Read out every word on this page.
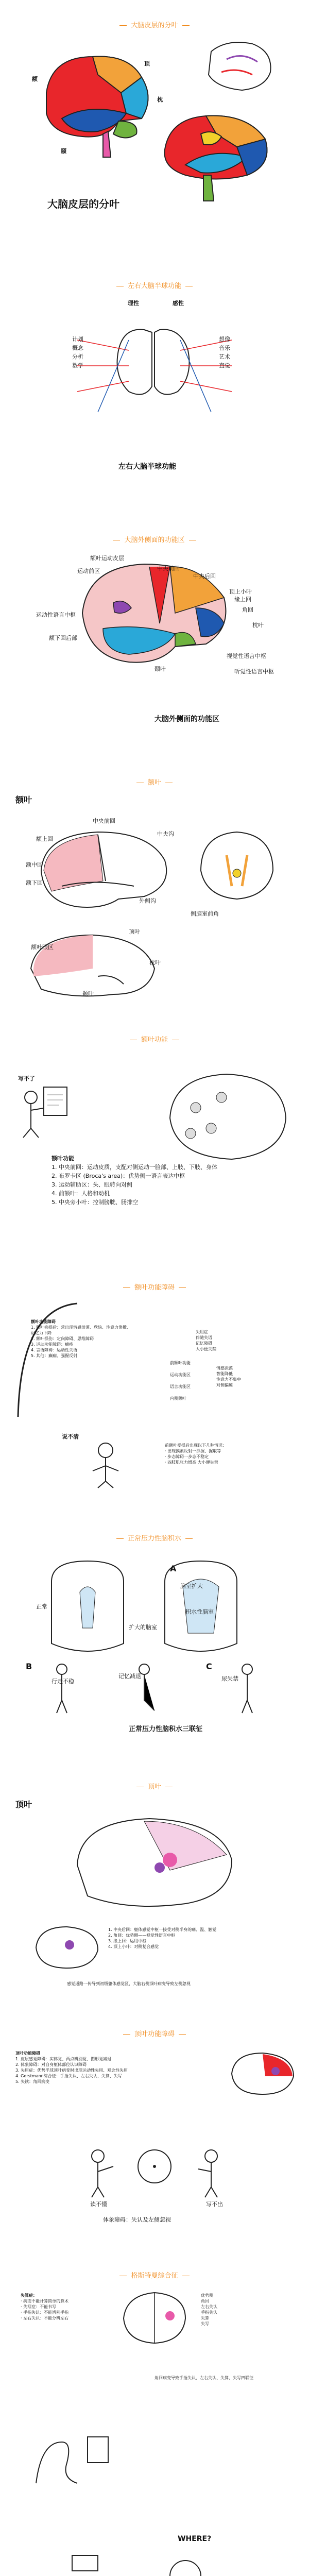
大脑皮层的分叶
额
顶
枕
颞
大脑皮层的分叶
左右大脑半球功能
理性	感性
计划
概念
分析
数学
想像
音乐
艺术
直觉
左右大脑半球功能
大脑外侧面的功能区
额叶运动皮层
运动前区	中央前回
中央后回
顶上小叶
运动性语言中枢
额下回后部
枕叶
视觉性语言中枢
听觉性语言中枢
颞叶
角回
缘上回
大脑外侧面的功能区
额叶
额叶
中央前回
额上回
额中回
额下回
中央沟
外侧沟
侧脑室前角
顶叶
枕叶
颞叶
额叶眼区
额叶功能
写不了
额叶功能
1. 中央前回：运动皮质，支配对侧运动一脸部、上肢、下肢、身体
2. 布罗卡区 (Broca's area)：优势侧一语言表达中枢
3. 运动辅助区：头、眼转向对侧
4. 前额叶：人格和动机
5. 中央旁小叶：控制膀胱、肠排空
额叶功能障碍
额叶功能障碍
1. 额叶病损后：常出现情感淡漠、欣快、注意力涣散、记忆力下降
2. 额叶损伤：定向障碍、思维障碍
3. 运动功能障碍：瘫痪
4. 言语障碍：运动性失语
5. 其他：癫痫、强握反射
失用症
伴随失语
记忆障碍
大小便失禁
前额叶功能
运动功能区
语言功能区
内侧额叶
情感淡漠
智能降低
注意力不集中
对侧偏瘫
说不清
前额叶受损后出现以下几种情况：
· 出现摸索反射一抓握、握取等
· 步态障碍一步态不稳定
· 四肢肌张力增高·大小便失禁
正常压力性脑积水
A
B	C
正常
积水性脑室
脑室扩大
扩大的脑室
行走不稳
记忆减退	尿失禁
正常压力性脑积水三联征
顶叶
顶叶
1. 中央后回：躯体感觉中枢一接受对侧半身的痛、温、触觉
2. 角回：优势侧——视觉性语言中枢
3. 缘上回：运用中枢
4. 顶上小叶：对侧复合感觉
感觉通路一传导到初级躯体感觉区，大脑右侧顶叶病变导致左侧忽视
顶叶功能障碍
顶叶功能障碍
1. 皮层感觉障碍：实体觉、两点辨别觉、图形觉减退
2. 体象障碍：对自身躯体部位认识障碍
3. 失用症：优势半球顶叶病变时出现运动性失用、观念性失用
4. Gerstmann综合征：手指失认、左右失认、失算、失写
5. 失读：角回病变
读不懂	写不出
体象障碍：失认及左侧忽视
格斯特曼综合征
失算症：
· 病变不能计算简单的算术
· 失写症：不能书写
· 手指失认：不能辨别手指
· 左右失认：不能分辨左右
优势侧
角回
左右失认
手指失认
失算
失写
角回病变导致手指失认、左右失认、失算、失写四联征
WHERE?
